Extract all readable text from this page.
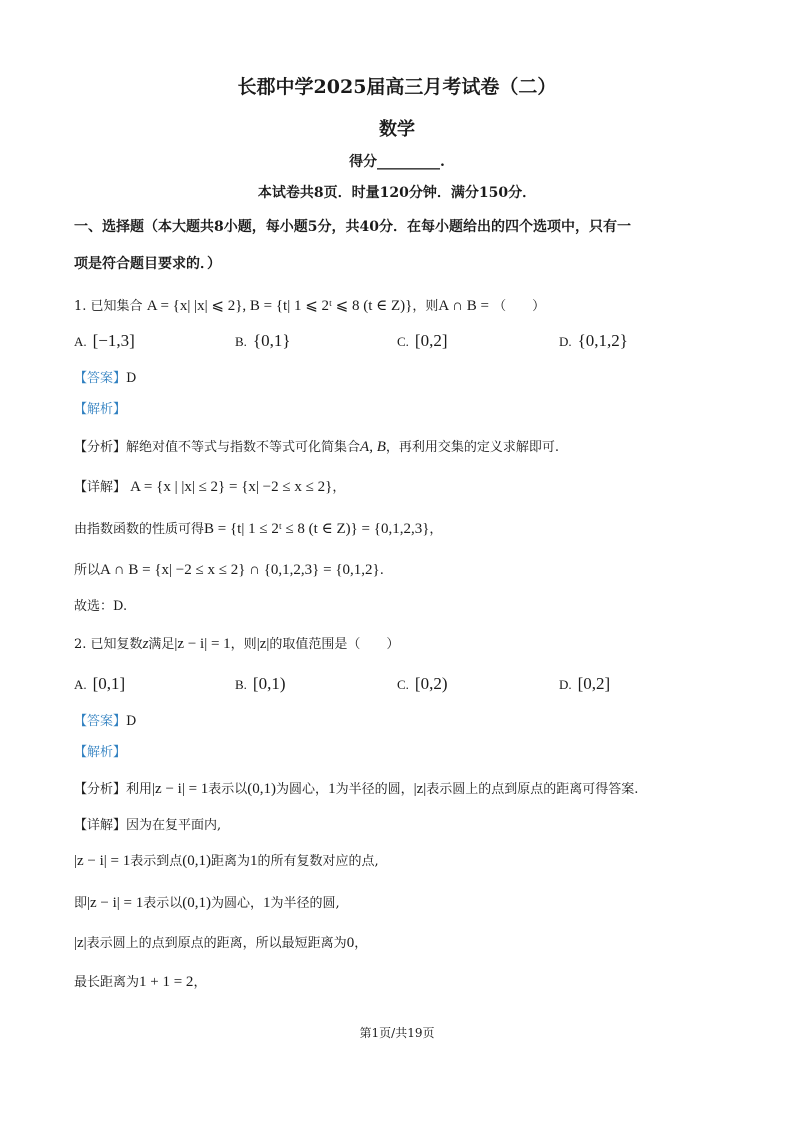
长郡中学2025届高三月考试卷（二）
数学
得分_________.
本试卷共8页．时量120分钟．满分150分．
一、选择题（本大题共8小题，每小题5分，共40分．在每小题给出的四个选项中，只有一
项是符合题目要求的．）
1. 已知集合 A = {x| |x| ⩽ 2}, B = {t| 1 ⩽ 2ᵗ ⩽ 8 (t ∈ Z)}，则A ∩ B = （　　）
A. [−1,3]	B. {0,1}	C. [0,2]	D. {0,1,2}
【答案】D
【解析】
【分析】解绝对值不等式与指数不等式可化简集合A, B，再利用交集的定义求解即可.
【详解】 A = {x | |x| ≤ 2} = {x| −2 ≤ x ≤ 2}，
由指数函数的性质可得B = {t| 1 ≤ 2ᵗ ≤ 8 (t ∈ Z)} = {0,1,2,3}，
所以A ∩ B = {x| −2 ≤ x ≤ 2} ∩ {0,1,2,3} = {0,1,2}.
故选：D.
2. 已知复数z满足|z − i| = 1，则|z|的取值范围是（　　）
A. [0,1]	B. [0,1)	C. [0,2)	D. [0,2]
【答案】D
【解析】
【分析】利用|z − i| = 1表示以(0,1)为圆心，1为半径的圆，|z|表示圆上的点到原点的距离可得答案.
【详解】因为在复平面内,
|z − i| = 1表示到点(0,1)距离为1的所有复数对应的点,
即|z − i| = 1表示以(0,1)为圆心，1为半径的圆,
|z|表示圆上的点到原点的距离，所以最短距离为0，
最长距离为1 + 1 = 2，
第1页/共19页
